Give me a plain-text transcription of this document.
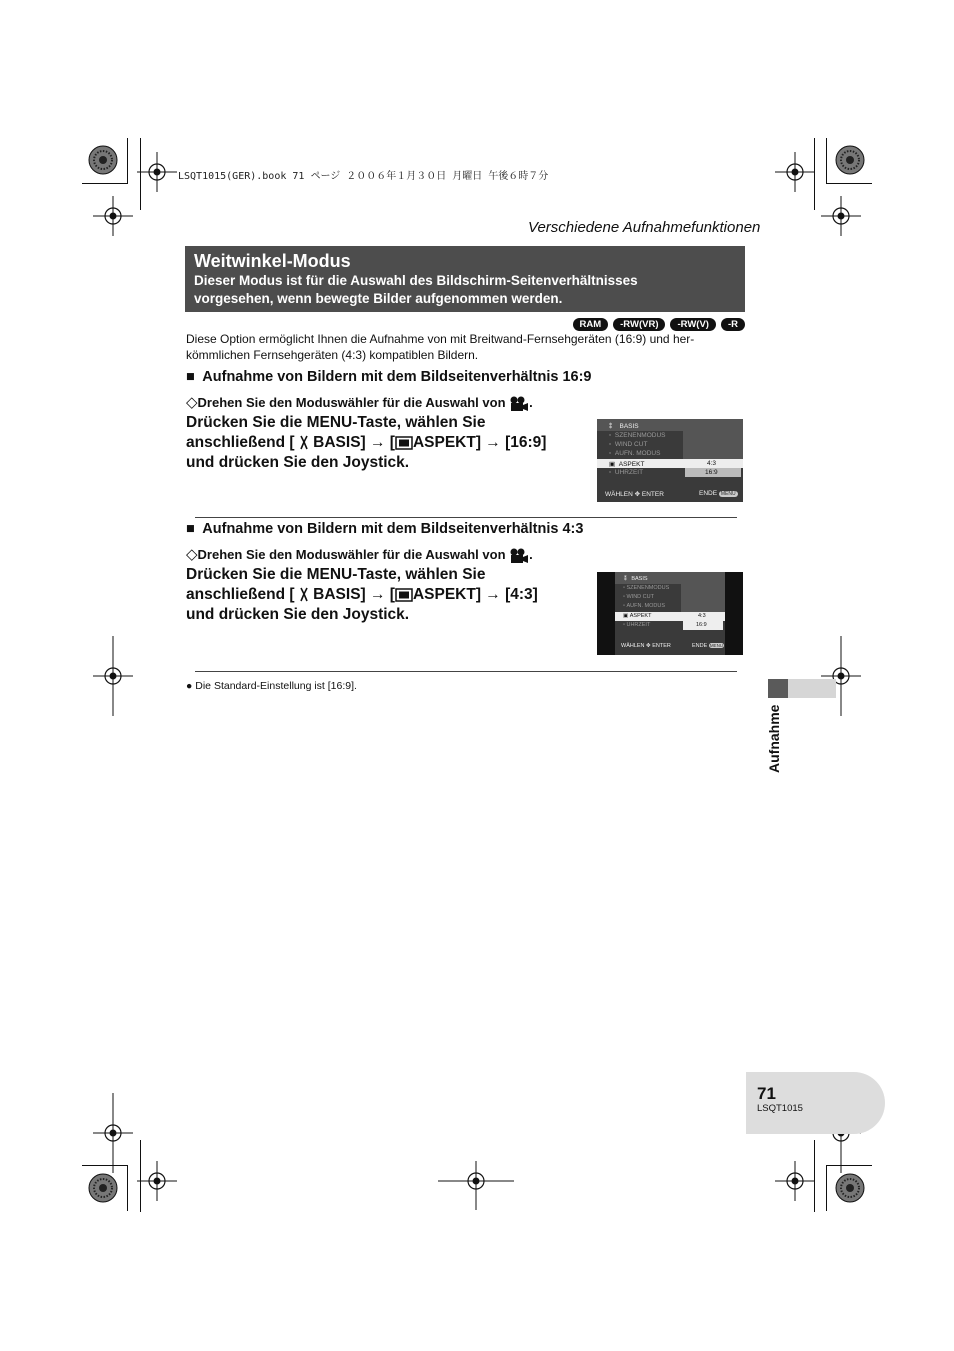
LSQT1015(GER).book 71 ページ ２００６年１月３０日 月曜日 午後６時７分
Verschiedene Aufnahmefunktionen
Weitwinkel-Modus
Dieser Modus ist für die Auswahl des Bildschirm-Seitenverhältnisses
vorgesehen, wenn bewegte Bilder aufgenommen werden.
RAM	-RW(VR)	-RW(V)	-R
Diese Option ermöglicht Ihnen die Aufnahme von mit Breitwand-Fernsehgeräten (16:9) und her-
kömmlichen Fernsehgeräten (4:3) kompatiblen Bildern.
■ Aufnahme von Bildern mit dem Bildseitenverhältnis 16:9
◇Drehen Sie den Moduswähler für die Auswahl von .
Drücken Sie die MENU-Taste, wählen Sie
anschließend [ BASIS] → [ ASPEKT] → [16:9]
und drücken Sie den Joystick.
⁑    BASIS
▫  SZENENMODUS
▫  WIND CUT
▫  AUFN. MODUS
▣  ASPEKT	4:3
▫  UHRZEIT	16:9
WÄHLEN ✥ ENTER	ENDE MENU
■ Aufnahme von Bildern mit dem Bildseitenverhältnis 4:3
◇Drehen Sie den Moduswähler für die Auswahl von .
Drücken Sie die MENU-Taste, wählen Sie
anschließend [ BASIS] → [ ASPEKT] → [4:3]
und drücken Sie den Joystick.
⁑   BASIS
▫ SZENENMODUS
▫ WIND CUT
▫ AUFN. MODUS
▣ ASPEKT	4:3
▫ UHRZEIT	16:9
WÄHLEN ✥ ENTER	ENDE MENU
● Die Standard-Einstellung ist [16:9].
Aufnahme
71
LSQT1015
